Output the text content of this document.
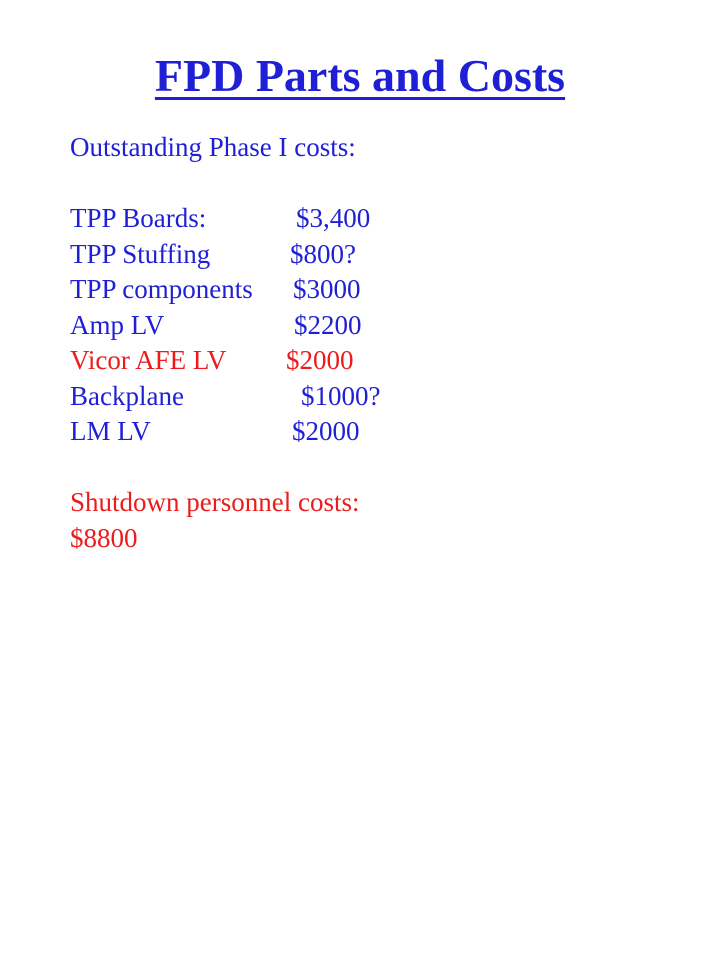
FPD Parts and Costs
Outstanding Phase I costs:
TPP Boards:	$3,400
TPP Stuffing	$800?
TPP components $3000
Amp LV	$2200
Vicor AFE LV $2000
Backplane	$1000?
LM LV	$2000
Shutdown personnel costs:
$8800
